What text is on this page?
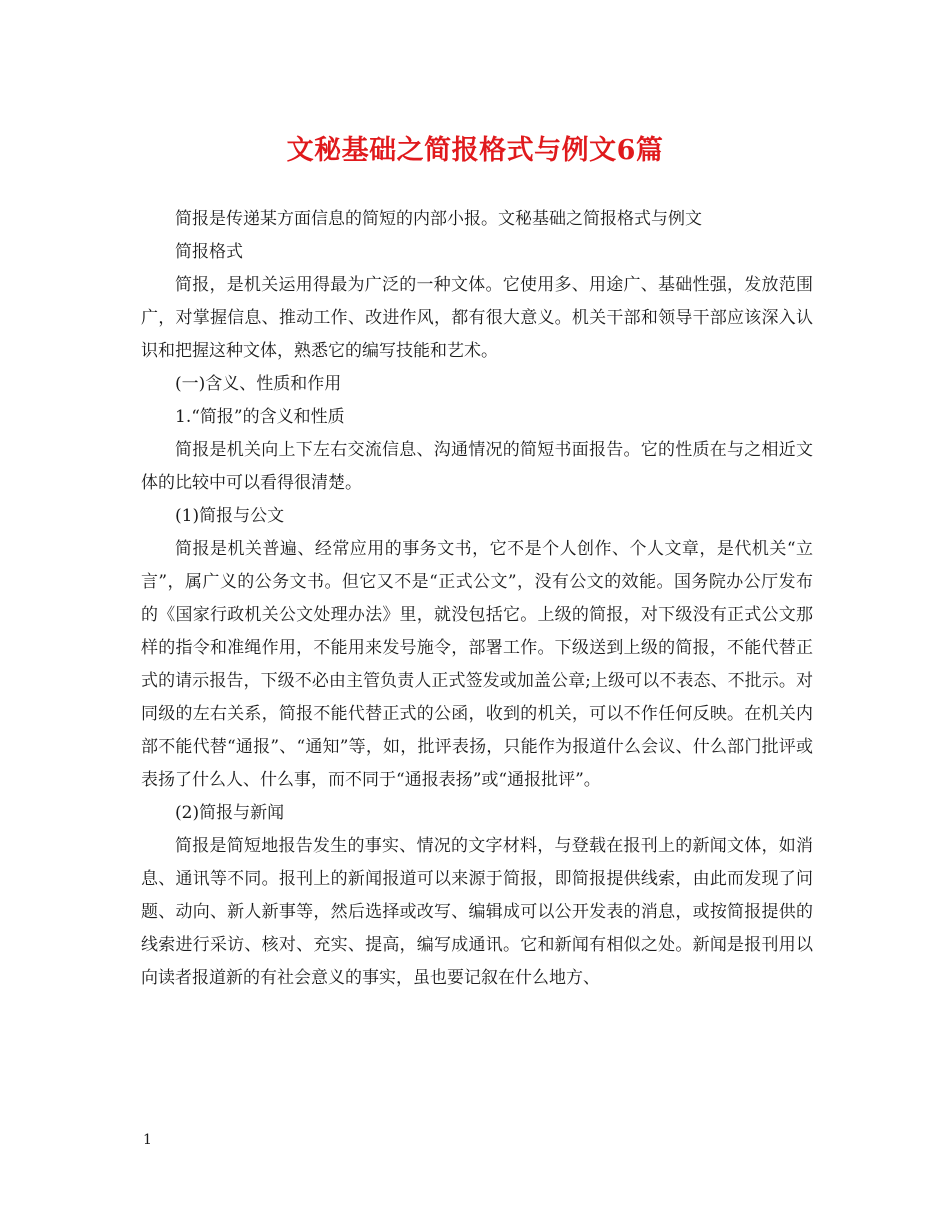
文秘基础之简报格式与例文6篇

简报是传递某方面信息的简短的内部小报。文秘基础之简报格式与例文

简报格式

简报，是机关运用得最为广泛的一种文体。它使用多、用途广、基础性强，发放范围广，对掌握信息、推动工作、改进作风，都有很大意义。机关干部和领导干部应该深入认识和把握这种文体，熟悉它的编写技能和艺术。

(一)含义、性质和作用

1.“简报”的含义和性质

简报是机关向上下左右交流信息、沟通情况的简短书面报告。它的性质在与之相近文体的比较中可以看得很清楚。

(1)简报与公文

简报是机关普遍、经常应用的事务文书，它不是个人创作、个人文章，是代机关“立言”，属广义的公务文书。但它又不是“正式公文”，没有公文的效能。国务院办公厅发布的《国家行政机关公文处理办法》里，就没包括它。上级的简报，对下级没有正式公文那样的指令和准绳作用，不能用来发号施令，部署工作。下级送到上级的简报，不能代替正式的请示报告，下级不必由主管负责人正式签发或加盖公章;上级可以不表态、不批示。对同级的左右关系，简报不能代替正式的公函，收到的机关，可以不作任何反映。在机关内部不能代替“通报”、“通知”等，如，批评表扬，只能作为报道什么会议、什么部门批评或表扬了什么人、什么事，而不同于“通报表扬”或“通报批评”。

(2)简报与新闻

简报是简短地报告发生的事实、情况的文字材料，与登载在报刊上的新闻文体，如消息、通讯等不同。报刊上的新闻报道可以来源于简报，即简报提供线索，由此而发现了问题、动向、新人新事等，然后选择或改写、编辑成可以公开发表的消息，或按简报提供的线索进行采访、核对、充实、提高，编写成通讯。它和新闻有相似之处。新闻是报刊用以向读者报道新的有社会意义的事实，虽也要记叙在什么地方、

1
